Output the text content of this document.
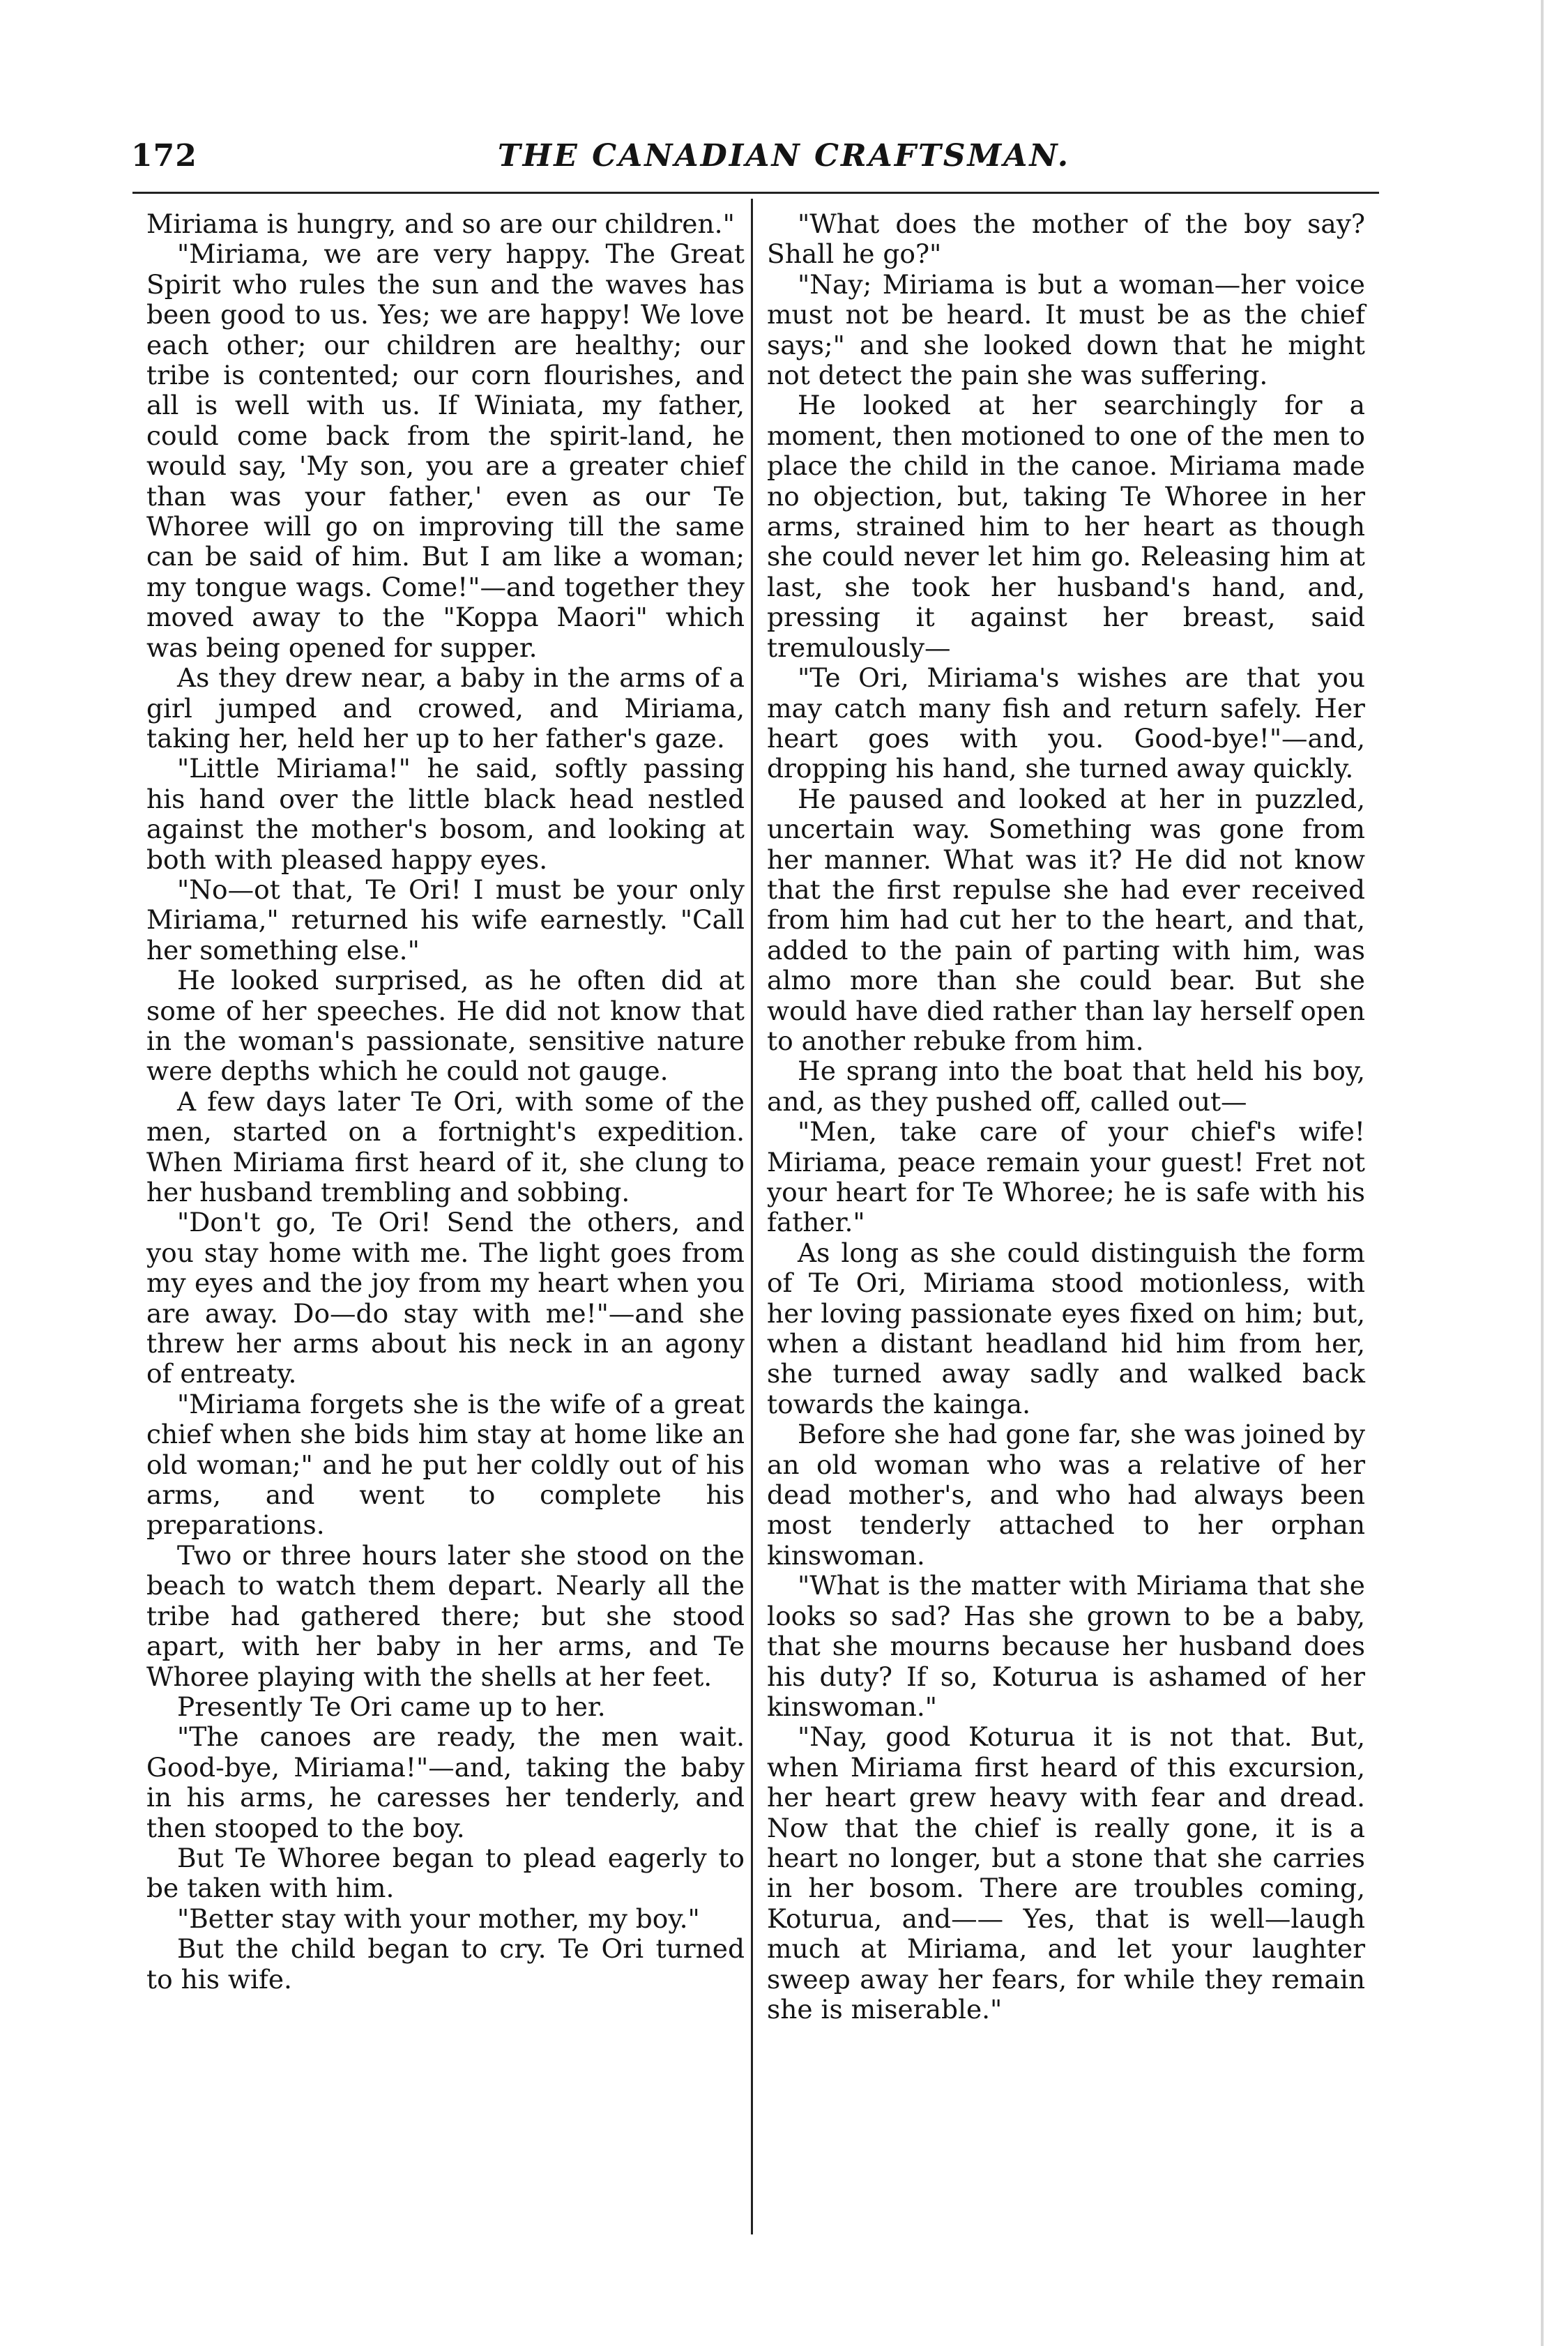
172	THE CANADIAN CRAFTSMAN.

Miriama is hungry, and so are our children."

"Miriama, we are very happy. The Great Spirit who rules the sun and the waves has been good to us. Yes; we are happy! We love each other; our children are healthy; our tribe is contented; our corn flourishes, and all is well with us. If Winiata, my father, could come back from the spirit-land, he would say, 'My son, you are a greater chief than was your father,' even as our Te Whoree will go on improving till the same can be said of him. But I am like a woman; my tongue wags. Come!"—and together they moved away to the "Koppa Maori" which was being opened for supper.

As they drew near, a baby in the arms of a girl jumped and crowed, and Miriama, taking her, held her up to her father's gaze.

"Little Miriama!" he said, softly passing his hand over the little black head nestled against the mother's bosom, and looking at both with pleased happy eyes.

"No—ot that, Te Ori! I must be your only Miriama," returned his wife earnestly. "Call her something else."

He looked surprised, as he often did at some of her speeches. He did not know that in the woman's passionate, sensitive nature were depths which he could not gauge.

A few days later Te Ori, with some of the men, started on a fortnight's expedition. When Miriama first heard of it, she clung to her husband trembling and sobbing.

"Don't go, Te Ori! Send the others, and you stay home with me. The light goes from my eyes and the joy from my heart when you are away. Do—do stay with me!"—and she threw her arms about his neck in an agony of entreaty.

"Miriama forgets she is the wife of a great chief when she bids him stay at home like an old woman;" and he put her coldly out of his arms, and went to complete his preparations.

Two or three hours later she stood on the beach to watch them depart. Nearly all the tribe had gathered there; but she stood apart, with her baby in her arms, and Te Whoree playing with the shells at her feet.

Presently Te Ori came up to her.

"The canoes are ready, the men wait. Good-bye, Miriama!"—and, taking the baby in his arms, he caresses her tenderly, and then stooped to the boy.

But Te Whoree began to plead eagerly to be taken with him.

"Better stay with your mother, my boy."

But the child began to cry. Te Ori turned to his wife.

"What does the mother of the boy say? Shall he go?"

"Nay; Miriama is but a woman—her voice must not be heard. It must be as the chief says;" and she looked down that he might not detect the pain she was suffering.

He looked at her searchingly for a moment, then motioned to one of the men to place the child in the canoe. Miriama made no objection, but, taking Te Whoree in her arms, strained him to her heart as though she could never let him go. Releasing him at last, she took her husband's hand, and, pressing it against her breast, said tremulously—

"Te Ori, Miriama's wishes are that you may catch many fish and return safely. Her heart goes with you. Good-bye!"—and, dropping his hand, she turned away quickly.

He paused and looked at her in puzzled, uncertain way. Something was gone from her manner. What was it? He did not know that the first repulse she had ever received from him had cut her to the heart, and that, added to the pain of parting with him, was almo more than she could bear. But she would have died rather than lay herself open to another rebuke from him.

He sprang into the boat that held his boy, and, as they pushed off, called out—

"Men, take care of your chief's wife! Miriama, peace remain your guest! Fret not your heart for Te Whoree; he is safe with his father."

As long as she could distinguish the form of Te Ori, Miriama stood motionless, with her loving passionate eyes fixed on him; but, when a distant headland hid him from her, she turned away sadly and walked back towards the kainga.

Before she had gone far, she was joined by an old woman who was a relative of her dead mother's, and who had always been most tenderly attached to her orphan kinswoman.

"What is the matter with Miriama that she looks so sad? Has she grown to be a baby, that she mourns because her husband does his duty? If so, Koturua is ashamed of her kinswoman."

"Nay, good Koturua it is not that. But, when Miriama first heard of this excursion, her heart grew heavy with fear and dread. Now that the chief is really gone, it is a heart no longer, but a stone that she carries in her bosom. There are troubles coming, Koturua, and—— Yes, that is well—laugh much at Miriama, and let your laughter sweep away her fears, for while they remain she is miserable."
